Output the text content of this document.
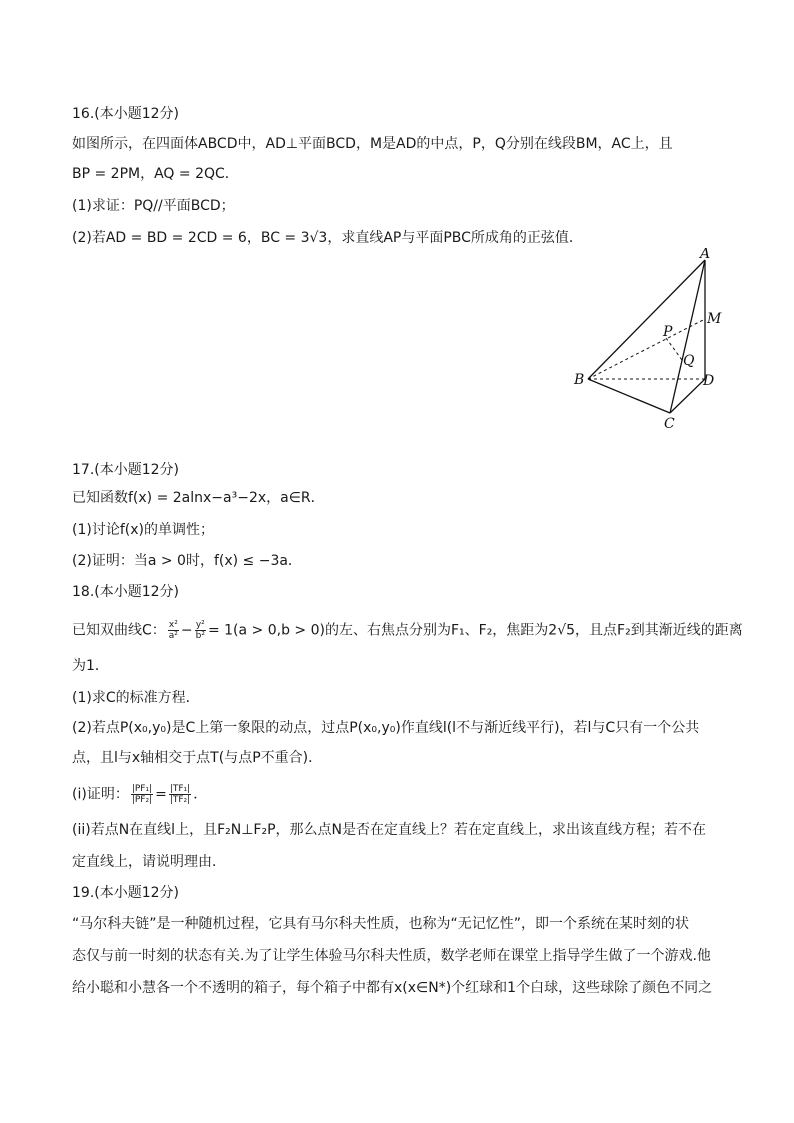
16.(本小题12分)
如图所示，在四面体ABCD中，AD⊥平面BCD，M是AD的中点，P，Q分别在线段BM，AC上，且
BP = 2PM，AQ = 2QC．
(1)求证：PQ//平面BCD；
(2)若AD = BD = 2CD = 6，BC = 3√3，求直线AP与平面PBC所成角的正弦值．
A
B
C
D
M
P
Q
17.(本小题12分)
已知函数f(x) = 2alnx−a³−2x，a∈R．
(1)讨论f(x)的单调性；
(2)证明：当a > 0时，f(x) ≤ −3a．
18.(本小题12分)
已知双曲线C： $\frac{\text{x²}}{\text{a²}} - \frac{\text{y²}}{\text{b²}} = 1(a > 0,b > 0)$的左、右焦点分别为F₁、F₂，焦距为2√5，且点F₂到其渐近线的距离
为1．
(1)求C的标准方程．
(2)若点P(x₀,y₀)是C上第一象限的动点，过点P(x₀,y₀)作直线l(l不与渐近线平行)，若l与C只有一个公共
点，且l与x轴相交于点T(与点P不重合)．
(i)证明： $\frac{\text{|PF₁|}}{\text{|PF₂|}} = \frac{\text{|TF₁|}}{\text{|TF₂|}}$ ．
(ii)若点N在直线l上，且F₂N⊥F₂P，那么点N是否在定直线上？若在定直线上，求出该直线方程；若不在
定直线上，请说明理由．
19.(本小题12分)
“马尔科夫链”是一种随机过程，它具有马尔科夫性质，也称为“无记忆性”，即一个系统在某时刻的状
态仅与前一时刻的状态有关.为了让学生体验马尔科夫性质，数学老师在课堂上指导学生做了一个游戏.他
给小聪和小慧各一个不透明的箱子，每个箱子中都有x(x∈N*)个红球和1个白球，这些球除了颜色不同之
